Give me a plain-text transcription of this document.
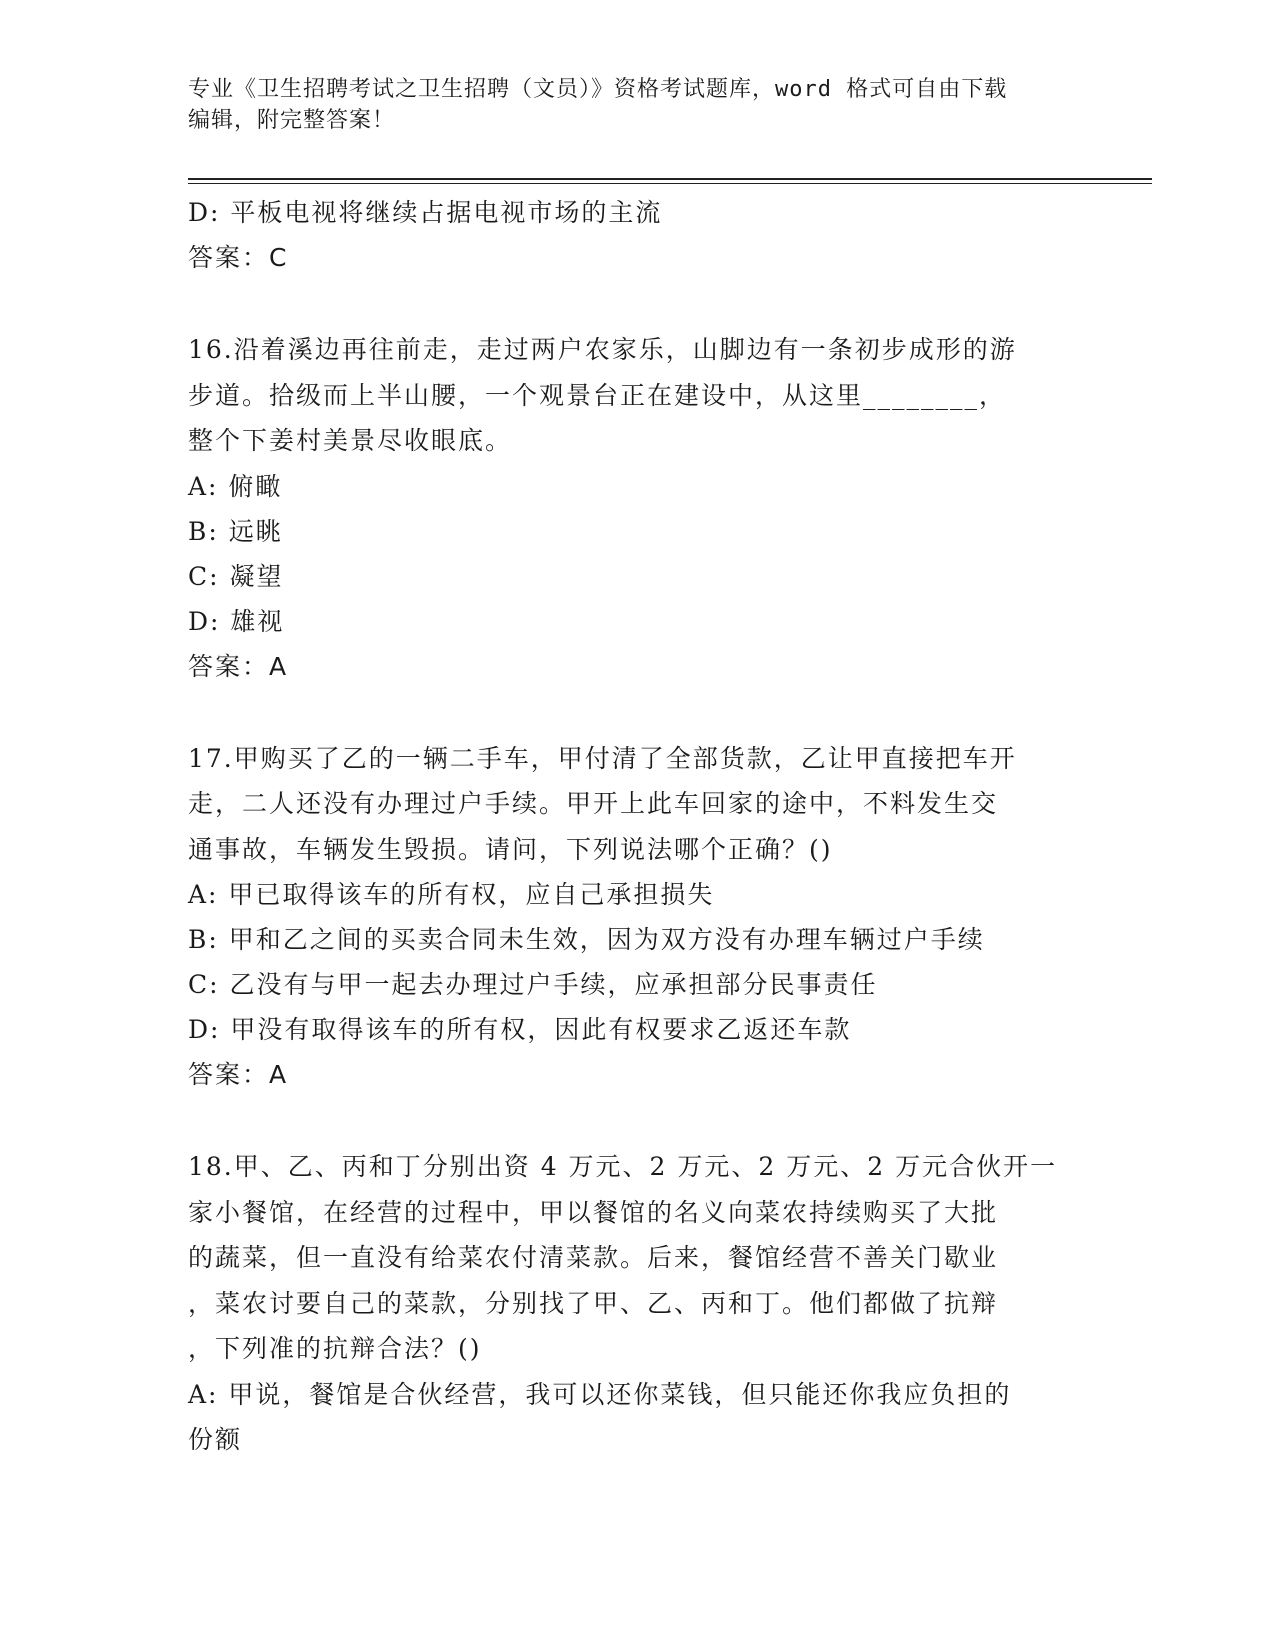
专业《卫生招聘考试之卫生招聘（文员）》资格考试题库，word 格式可自由下载
编辑，附完整答案！
D: 平板电视将继续占据电视市场的主流
答案：C
16.沿着溪边再往前走，走过两户农家乐，山脚边有一条初步成形的游
步道。拾级而上半山腰，一个观景台正在建设中，从这里________，
整个下姜村美景尽收眼底。
A: 俯瞰
B: 远眺
C: 凝望
D: 雄视
答案：A
17.甲购买了乙的一辆二手车，甲付清了全部货款，乙让甲直接把车开
走，二人还没有办理过户手续。甲开上此车回家的途中，不料发生交
通事故，车辆发生毁损。请问，下列说法哪个正确？()
A: 甲已取得该车的所有权，应自己承担损失
B: 甲和乙之间的买卖合同未生效，因为双方没有办理车辆过户手续
C: 乙没有与甲一起去办理过户手续，应承担部分民事责任
D: 甲没有取得该车的所有权，因此有权要求乙返还车款
答案：A
18.甲、乙、丙和丁分别出资 4 万元、2 万元、2 万元、2 万元合伙开一
家小餐馆，在经营的过程中，甲以餐馆的名义向菜农持续购买了大批
的蔬菜，但一直没有给菜农付清菜款。后来，餐馆经营不善关门歇业
，菜农讨要自己的菜款，分别找了甲、乙、丙和丁。他们都做了抗辩
，下列准的抗辩合法？()
A: 甲说，餐馆是合伙经营，我可以还你菜钱，但只能还你我应负担的
份额
